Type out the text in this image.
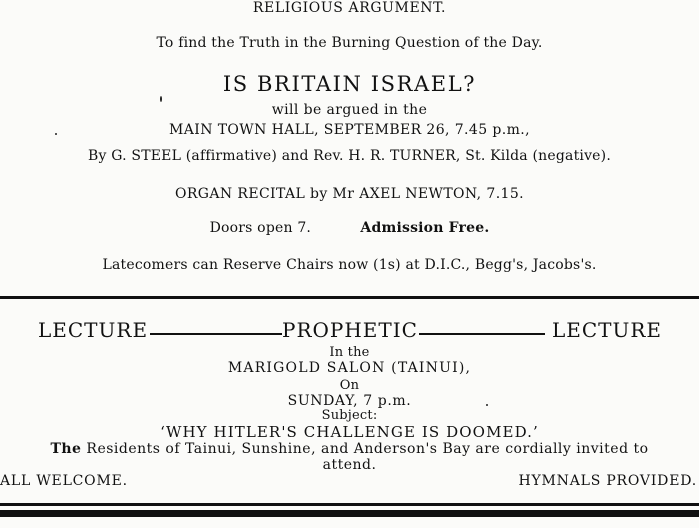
RELIGIOUS ARGUMENT.
To find the Truth in the Burning Question of the Day.
IS BRITAIN ISRAEL?
will be argued in the
MAIN TOWN HALL, SEPTEMBER 26, 7.45 p.m.,
By G. STEEL (affirmative) and Rev. H. R. TURNER, St. Kilda (negative).
ORGAN RECITAL by Mr AXEL NEWTON, 7.15.
Doors open 7.	Admission Free.
Latecomers can Reserve Chairs now (1s) at D.I.C., Begg's, Jacobs's.
LECTURE	PROPHETIC	LECTURE
In the
MARIGOLD SALON (TAINUI),
On
SUNDAY, 7 p.m.
Subject:
‘WHY HITLER'S CHALLENGE IS DOOMED.’
The Residents of Tainui, Sunshine, and Anderson's Bay are cordially invited to
attend.
ALL WELCOME.	HYMNALS PROVIDED.
